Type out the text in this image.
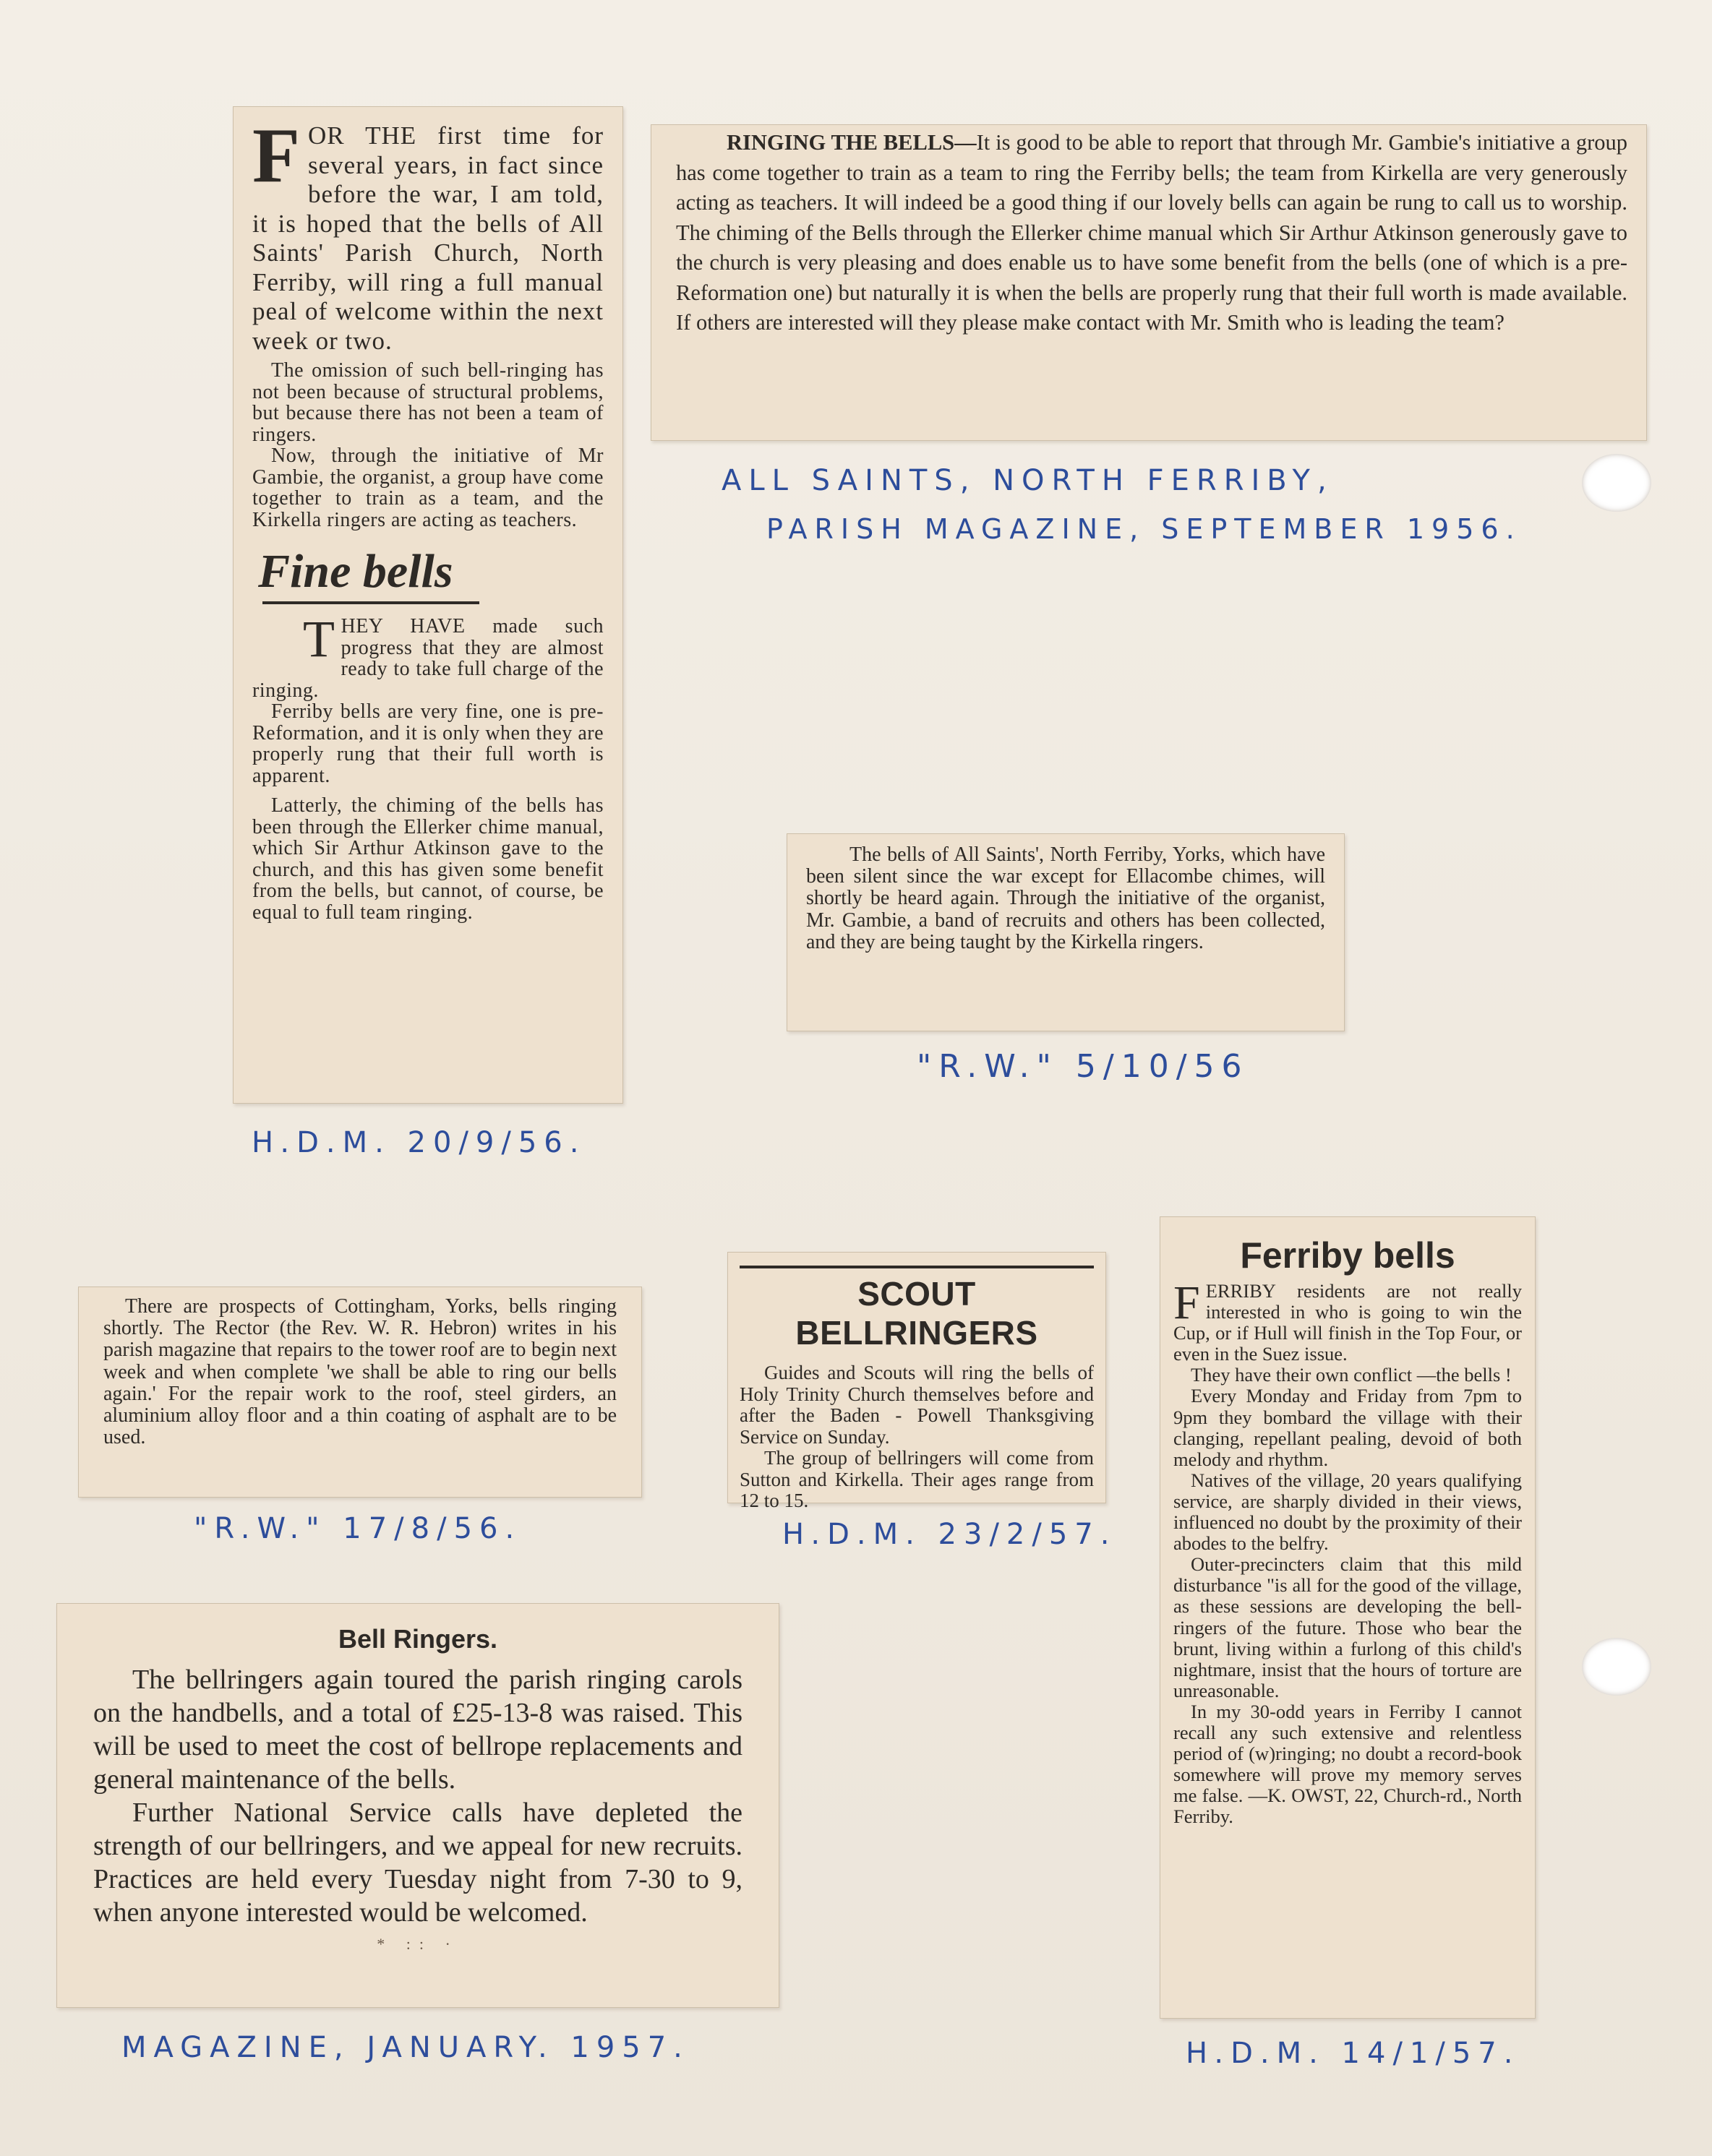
FOR THE first time for several years, in fact since before the war, I am told, it is hoped that the bells of All Saints' Parish Church, North Ferriby, will ring a full manual peal of welcome within the next week or two.

The omission of such bell-ringing has not been because of structural problems, but because there has not been a team of ringers.

Now, through the initiative of Mr Gambie, the organist, a group have come together to train as a team, and the Kirkella ringers are acting as teachers.

Fine bells

THEY HAVE made such progress that they are almost ready to take full charge of the ringing.

Ferriby bells are very fine, one is pre-Reformation, and it is only when they are properly rung that their full worth is apparent.

Latterly, the chiming of the bells has been through the Ellerker chime manual, which Sir Arthur Atkinson gave to the church, and this has given some benefit from the bells, but cannot, of course, be equal to full team ringing.

H.D.M. 20/9/56.

RINGING THE BELLS—It is good to be able to report that through Mr. Gambie's initiative a group has come together to train as a team to ring the Ferriby bells; the team from Kirkella are very generously acting as teachers. It will indeed be a good thing if our lovely bells can again be rung to call us to worship. The chiming of the Bells through the Ellerker chime manual which Sir Arthur Atkinson generously gave to the church is very pleasing and does enable us to have some benefit from the bells (one of which is a pre-Reformation one) but naturally it is when the bells are properly rung that their full worth is made available. If others are interested will they please make contact with Mr. Smith who is leading the team?

ALL SAINTS, NORTH FERRIBY,
PARISH MAGAZINE, SEPTEMBER 1956.

The bells of All Saints', North Ferriby, Yorks, which have been silent since the war except for Ellacombe chimes, will shortly be heard again. Through the initiative of the organist, Mr. Gambie, a band of recruits and others has been collected, and they are being taught by the Kirkella ringers.

"R.W." 5/10/56

There are prospects of Cottingham, Yorks, bells ringing shortly. The Rector (the Rev. W. R. Hebron) writes in his parish magazine that repairs to the tower roof are to begin next week and when complete 'we shall be able to ring our bells again.' For the repair work to the roof, steel girders, an aluminium alloy floor and a thin coating of asphalt are to be used.

"R.W." 17/8/56.
SCOUT BELLRINGERS

Guides and Scouts will ring the bells of Holy Trinity Church themselves before and after the Baden - Powell Thanksgiving Service on Sunday.

The group of bellringers will come from Sutton and Kirkella. Their ages range from 12 to 15.

H.D.M. 23/2/57.
Ferriby bells

FERRIBY residents are not really interested in who is going to win the Cup, or if Hull will finish in the Top Four, or even in the Suez issue.

They have their own conflict —the bells !

Every Monday and Friday from 7pm to 9pm they bombard the village with their clanging, repellant pealing, devoid of both melody and rhythm.

Natives of the village, 20 years qualifying service, are sharply divided in their views, influenced no doubt by the proximity of their abodes to the belfry.

Outer-precincters claim that this mild disturbance "is all for the good of the village, as these sessions are developing the bell-ringers of the future. Those who bear the brunt, living within a furlong of this child's nightmare, insist that the hours of torture are unreasonable.

In my 30-odd years in Ferriby I cannot recall any such extensive and relentless period of (w)ringing; no doubt a record-book somewhere will prove my memory serves me false. —K. OWST, 22, Church-rd., North Ferriby.

H.D.M. 14/1/57.
Bell Ringers.

The bellringers again toured the parish ringing carols on the handbells, and a total of £25-13-8 was raised. This will be used to meet the cost of bellrope replacements and general maintenance of the bells.

Further National Service calls have depleted the strength of our bellringers, and we appeal for new recruits. Practices are held every Tuesday night from 7-30 to 9, when anyone interested would be welcomed.

* :: ·
MAGAZINE, JANUARY. 1957.
